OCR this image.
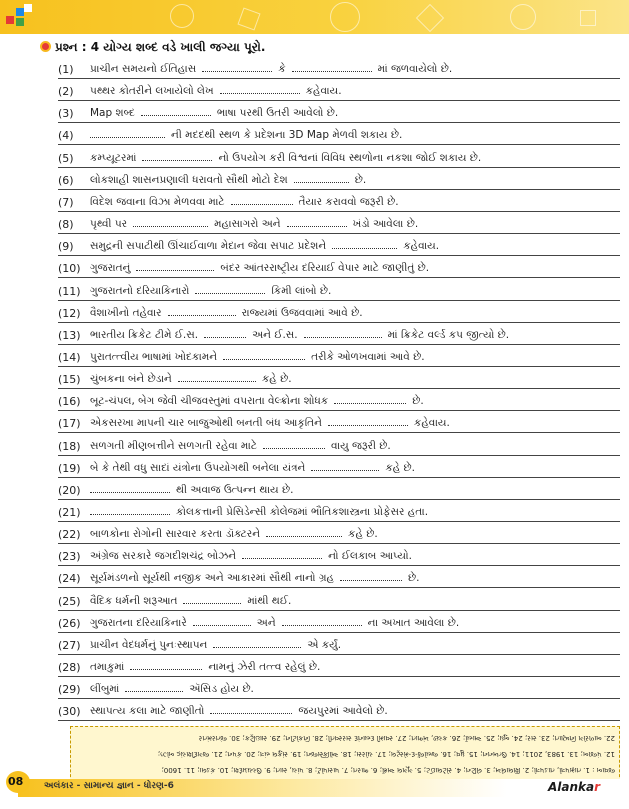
પ્રશ્ન : 4 યોગ્ય શબ્દ વડે ખાલી જગ્યા પૂરો.
(1) પ્રાચીન સમયનો ઈતિહાસ	કે	માં જળવાયેલો છે.
(2) પથ્થર કોતરીને લખાયેલો લેખ	કહેવાય.
(3) Map શબ્દ	ભાષા પરથી ઉતરી આવેલો છે.
(4)	ની મદદથી સ્થળ કે પ્રદેશના 3D Map મેળવી શકાય છે.
(5) કમ્પ્યૂટરમાં	નો ઉપયોગ કરી વિશ્વનાં વિવિધ સ્થળોના નકશા જોઈ શકાય છે.
(6) લોકશાહી શાસનપ્રણાલી ધરાવતો સૌથી મોટો દેશ	છે.
(7) વિદેશ જવાના વિઝા મેળવવા માટે	તૈયાર કરાવવો જરૂરી છે.
(8) પૃથ્વી પર	મહાસાગરો અને	ખંડો આવેલા છે.
(9) સમુદ્રની સપાટીથી ઊંચાઈવાળા મેદાન જેવા સપાટ પ્રદેશને	કહેવાય.
(10) ગુજરાતનું	બંદર આંતરરાષ્ટ્રીય દરિયાઈ વેપાર માટે જાણીતું છે.
(11) ગુજરાતનો દરિયાકિનારો	કિમી લાંબો છે.
(12) વૈશાખીનો તહેવાર	રાજ્યમાં ઉજવવામાં આવે છે.
(13) ભારતીય ક્રિકેટ ટીમે ઈ.સ.	અને ઈ.સ.	માં ક્રિકેટ વર્લ્ડ કપ જીત્યો છે.
(14) પુરાતત્ત્વીય ભાષામાં ખોદકામને	તરીકે ઓળખવામાં આવે છે.
(15) ચુંબકના બંને છેડાને	કહે છે.
(16) બૂટ-ચંપલ, બેગ જેવી ચીજવસ્તુમાં વપરાતા વેલ્ક્રોના શોધક	છે.
(17) એકસરખા માપની ચાર બાજુઓથી બનતી બંધ આકૃતિને	કહેવાય.
(18) સળગતી મીણબત્તીને સળગતી રહેવા માટે	વાયુ જરૂરી છે.
(19) બે કે તેથી વધુ સાદાં યંત્રોના ઉપયોગથી બનેલા યંત્રને	કહે છે.
(20)	થી અવાજ ઉત્પન્ન થાય છે.
(21)	કોલકત્તાની પ્રેસિડેન્સી કોલેજમાં ભૌતિકશાસ્ત્રના પ્રોફેસર હતા.
(22) બાળકોના રોગોની સારવાર કરતા ડૉક્ટરને	કહે છે.
(23) અંગ્રેજ સરકારે જગદીશચંદ્ર બોઝને	નો ઈલકાબ આપ્યો.
(24) સૂર્યમંડળનો સૂર્યથી નજીક અને આકારમાં સૌથી નાનો ગ્રહ	છે.
(25) વૈદિક ધર્મની શરૂઆત	માંથી થઈ.
(26) ગુજરાતના દરિયાકિનારે	અને	ના અખાત આવેલા છે.
(27) પ્રાચીન વેદધર્મનું પુનઃસ્થાપન	એ કર્યું.
(28) તમાકુમાં	નામનું ઝેરી તત્ત્વ રહેલું છે.
(29) લીંબુમાં	ઍસિડ હોય છે.
(30) સ્થાપત્ય કલા માટે જાણીતો	જયપુરમાં આવેલો છે.
જવાબ : 1. તામ્રપત્રો, તાડપત્રો; 2. શિલાલેખ; 3. લૅટિન; 4. સેટેલાઈટ; 5. ગૂગલ અર્થ; 6. ભારત; 7. પાસપોર્ટ; 8. પાંચ, સાત; 9. ઉચ્ચપ્રદેશ; 10. કંડલા; 11. 1600;
12. પંજાબ; 13. 1983, 2011; 14. ઉત્ખનન; 15. ધ્રુવ; 16. જ્યોર્જ-દ-મેસ્ટ્રલ; 17. ચોરસ; 18. ઑક્સિજન; 19. સંકુલ યંત્ર; 20. કંપન; 21. જગદીશચંદ્ર બોઝ;
22. બાળરોગ નિષ્ણાત; 23. સર; 24. બુધ; 25. આર્યો; 26. કચ્છ, ખંભાત; 27. સ્વામી દયાનંદ સરસ્વતી; 28. નિકોટીન; 29. સાઇટ્રિક; 30. જંતરમંતર
08 અલંકાર - સામાન્ય જ્ઞાન - ધોરણ-6	Alankar
